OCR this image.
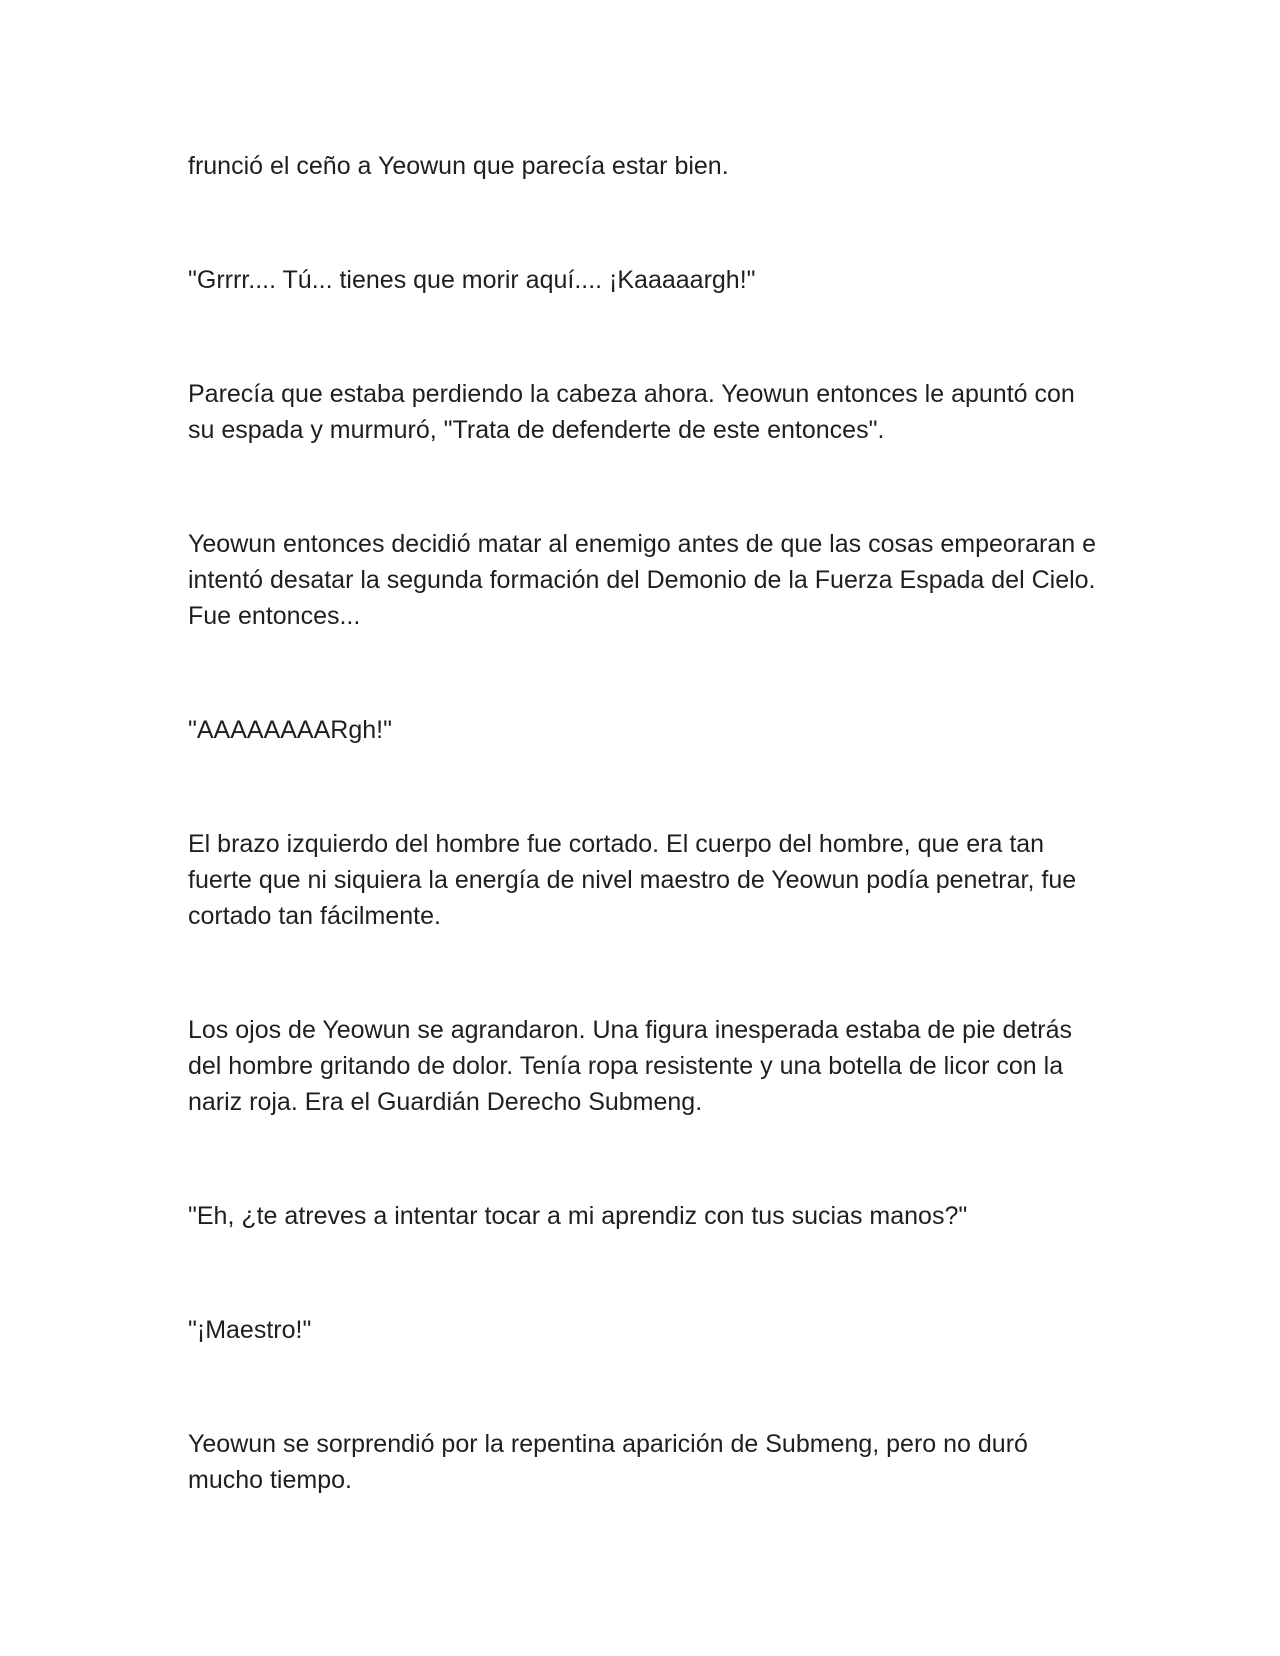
frunció el ceño a Yeowun que parecía estar bien.

"Grrrr.... Tú... tienes que morir aquí.... ¡Kaaaaargh!"

Parecía que estaba perdiendo la cabeza ahora. Yeowun entonces le apuntó con su espada y murmuró, "Trata de defenderte de este entonces".

Yeowun entonces decidió matar al enemigo antes de que las cosas empeoraran e intentó desatar la segunda formación del Demonio de la Fuerza Espada del Cielo. Fue entonces...

"AAAAAAAARgh!"

El brazo izquierdo del hombre fue cortado. El cuerpo del hombre, que era tan fuerte que ni siquiera la energía de nivel maestro de Yeowun podía penetrar, fue cortado tan fácilmente.

Los ojos de Yeowun se agrandaron. Una figura inesperada estaba de pie detrás del hombre gritando de dolor. Tenía ropa resistente y una botella de licor con la nariz roja. Era el Guardián Derecho Submeng.

"Eh, ¿te atreves a intentar tocar a mi aprendiz con tus sucias manos?"

"¡Maestro!"

Yeowun se sorprendió por la repentina aparición de Submeng, pero no duró mucho tiempo.
